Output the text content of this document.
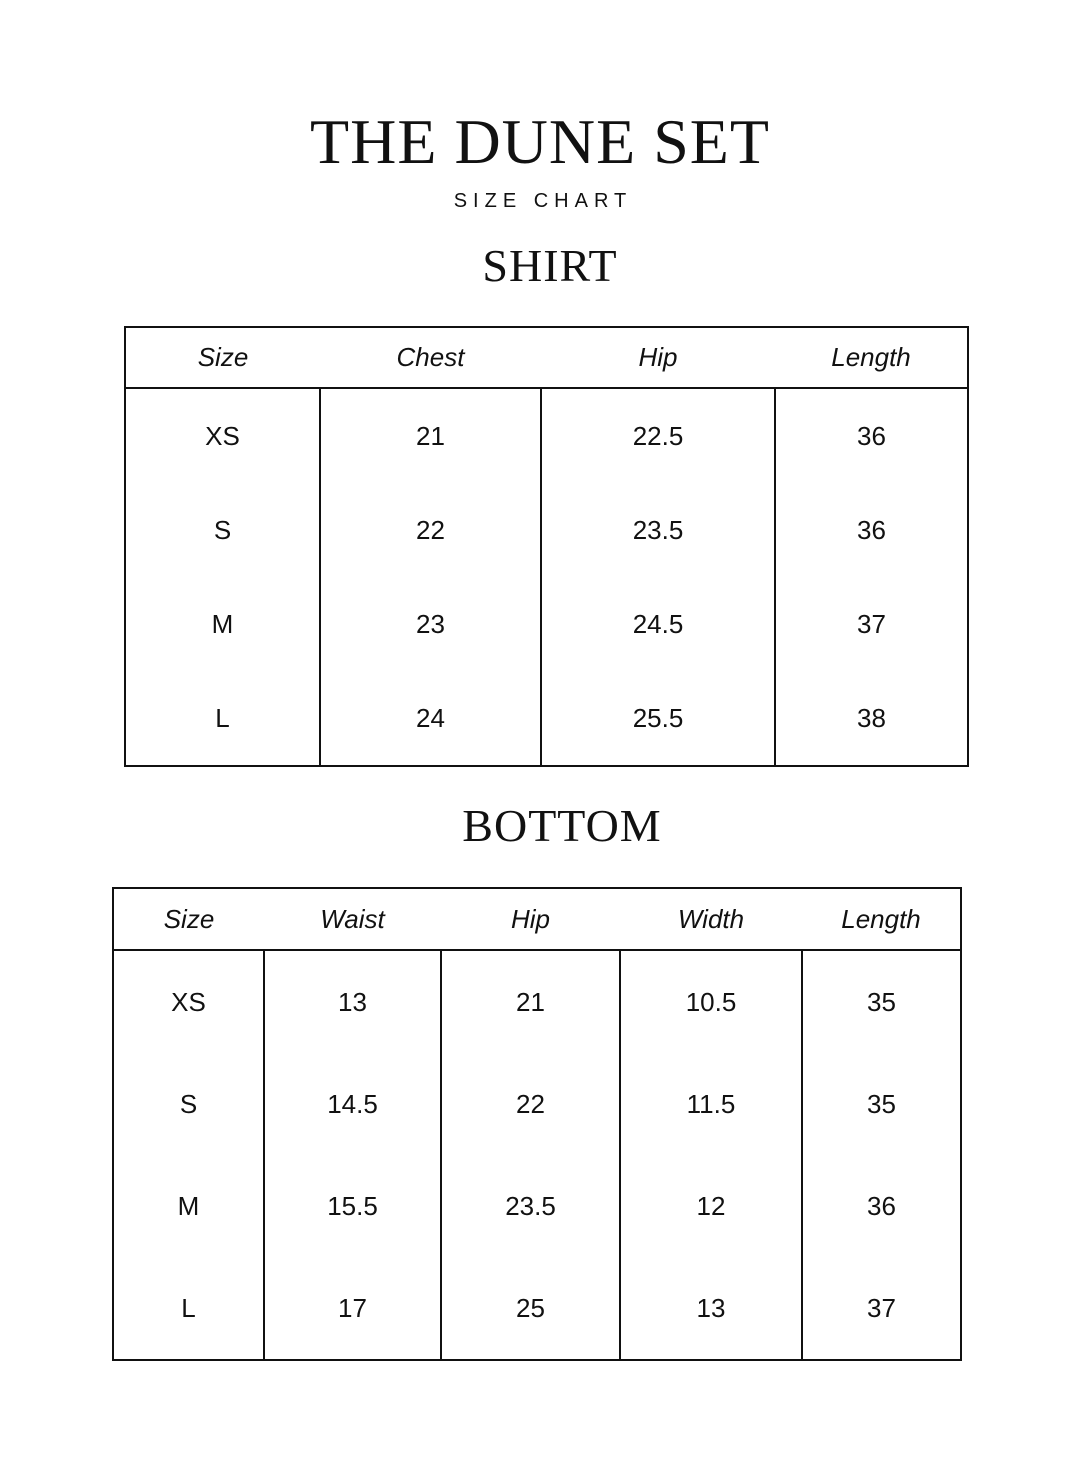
THE DUNE SET
SIZE CHART
SHIRT
Size	Chest	Hip	Length
XS	21	22.5	36
S	22	23.5	36
M	23	24.5	37
L	24	25.5	38
BOTTOM
Size	Waist	Hip	Width	Length
XS	13	21	10.5	35
S	14.5	22	11.5	35
M	15.5	23.5	12	36
L	17	25	13	37
